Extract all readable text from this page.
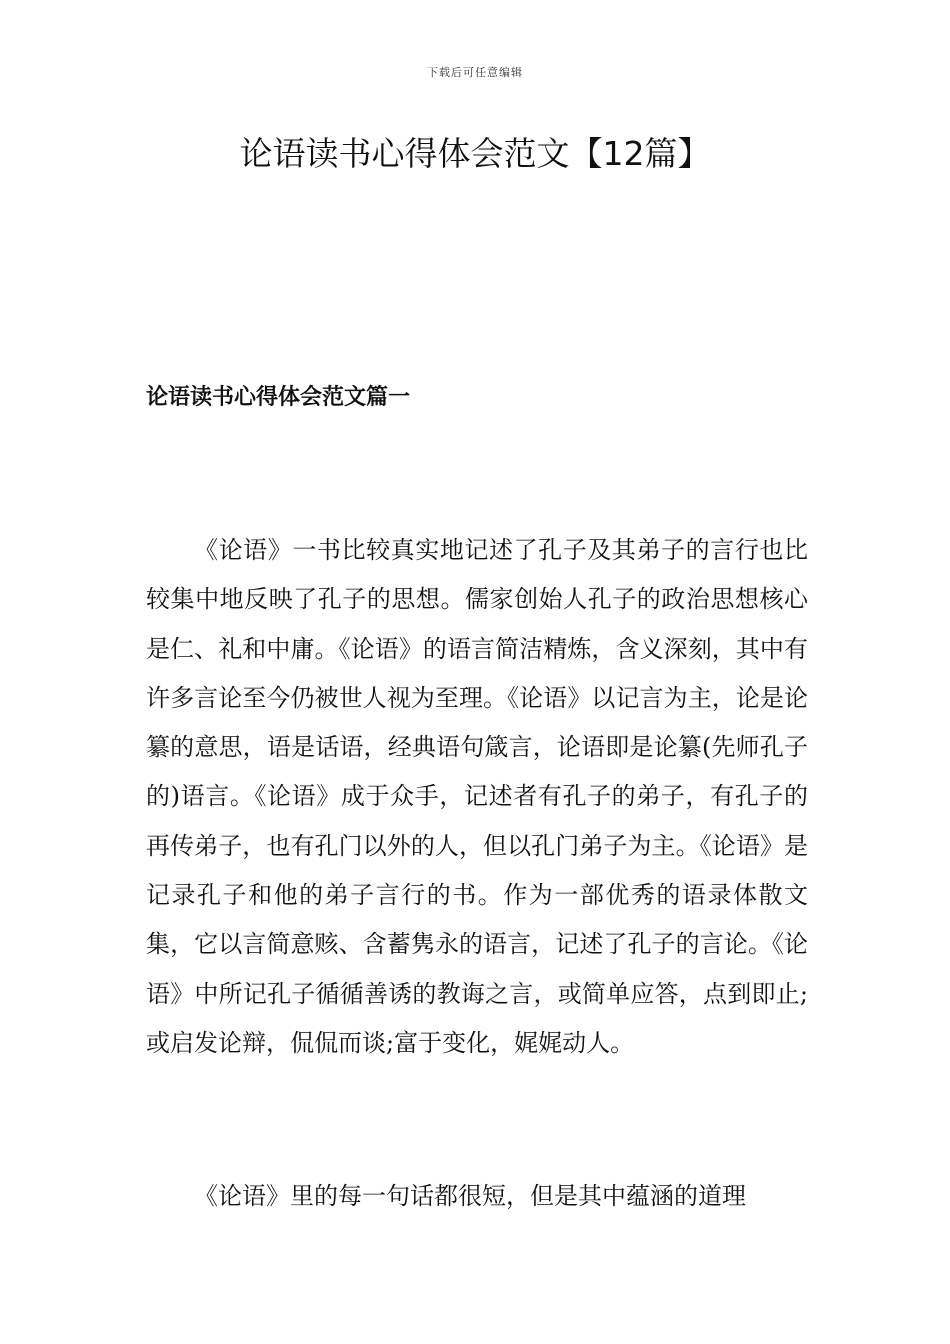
下载后可任意编辑
论语读书心得体会范文【12篇】
论语读书心得体会范文篇一

《论语》一书比较真实地记述了孔子及其弟子的言行也比较集中地反映了孔子的思想。儒家创始人孔子的政治思想核心是仁、礼和中庸。《论语》的语言简洁精炼，含义深刻，其中有许多言论至今仍被世人视为至理。《论语》以记言为主，论是论纂的意思，语是话语，经典语句箴言，论语即是论纂(先师孔子的)语言。《论语》成于众手，记述者有孔子的弟子，有孔子的再传弟子，也有孔门以外的人，但以孔门弟子为主。《论语》是记录孔子和他的弟子言行的书。作为一部优秀的语录体散文集，它以言简意赅、含蓄隽永的语言，记述了孔子的言论。《论语》中所记孔子循循善诱的教诲之言，或简单应答，点到即止;或启发论辩，侃侃而谈;富于变化，娓娓动人。

《论语》里的每一句话都很短，但是其中蕴涵的道理
